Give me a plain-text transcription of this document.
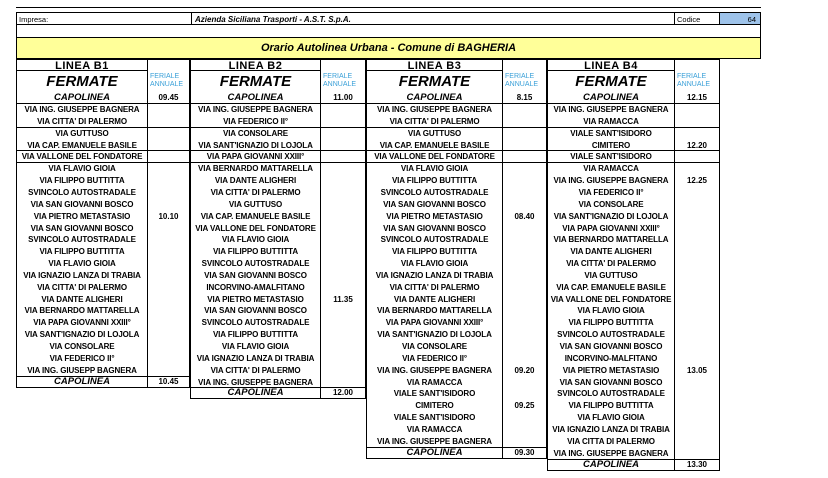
Impresa:	Azienda Siciliana Trasporti - A.S.T. S.p.A.	Codice	64
Orario Autolinea Urbana - Comune di BAGHERIA
LINEA B1
FERMATE	FERIALE
ANNUALE
CAPOLINEA	09.45
VIA ING. GIUSEPPE BAGNERA
VIA CITTA' DI PALERMO
VIA GUTTUSO
VIA CAP. EMANUELE BASILE
VIA VALLONE DEL FONDATORE
VIA FLAVIO GIOIA
VIA FILIPPO BUTTITTA
SVINCOLO AUTOSTRADALE
VIA SAN GIOVANNI BOSCO
VIA PIETRO METASTASIO	10.10
VIA SAN GIOVANNI BOSCO
SVINCOLO AUTOSTRADALE
VIA FILIPPO BUTTITTA
VIA FLAVIO GIOIA
VIA IGNAZIO LANZA DI TRABIA
VIA CITTA' DI PALERMO
VIA DANTE ALIGHERI
VIA BERNARDO MATTARELLA
VIA PAPA GIOVANNI XXIII°
VIA SANT'IGNAZIO DI LOJOLA
VIA CONSOLARE
VIA FEDERICO II°
VIA ING. GIUSEPP BAGNERA
CAPOLINEA	10.45
LINEA B2
FERMATE	FERIALE
ANNUALE
CAPOLINEA	11.00
VIA ING. GIUSEPPE BAGNERA
VIA FEDERICO II°
VIA CONSOLARE
VIA SANT'IGNAZIO DI LOJOLA
VIA PAPA GIOVANNI XXIII°
VIA BERNARDO MATTARELLA
VIA DANTE ALIGHERI
VIA CITTA' DI PALERMO
VIA GUTTUSO
VIA CAP. EMANUELE BASILE
VIA VALLONE DEL FONDATORE
VIA FLAVIO GIOIA
VIA FILIPPO BUTTITTA
SVINCOLO AUTOSTRADALE
VIA SAN GIOVANNI BOSCO
INCORVINO-AMALFITANO
VIA PIETRO METASTASIO	11.35
VIA SAN GIOVANNI BOSCO
SVINCOLO AUTOSTRADALE
VIA FILIPPO BUTTITTA
VIA FLAVIO GIOIA
VIA IGNAZIO LANZA DI TRABIA
VIA CITTA' DI PALERMO
VIA ING. GIUSEPPE BAGNERA
CAPOLINEA	12.00
LINEA B3
FERMATE	FERIALE
ANNUALE
CAPOLINEA	8.15
VIA ING. GIUSEPPE BAGNERA
VIA CITTA' DI PALERMO
VIA GUTTUSO
VIA CAP. EMANUELE BASILE
VIA VALLONE DEL FONDATORE
VIA FLAVIO GIOIA
VIA FILIPPO BUTTITTA
SVINCOLO AUTOSTRADALE
VIA SAN GIOVANNI BOSCO
VIA PIETRO METASTASIO	08.40
VIA SAN GIOVANNI BOSCO
SVINCOLO AUTOSTRADALE
VIA FILIPPO BUTTITTA
VIA FLAVIO GIOIA
VIA IGNAZIO LANZA DI TRABIA
VIA CITTA' DI PALERMO
VIA DANTE ALIGHERI
VIA BERNARDO MATTARELLA
VIA PAPA GIOVANNI XXIII°
VIA SANT'IGNAZIO DI LOJOLA
VIA CONSOLARE
VIA FEDERICO II°
VIA ING. GIUSEPPE BAGNERA	09.20
VIA RAMACCA
VIALE SANT'ISIDORO
CIMITERO	09.25
VIALE SANT'ISIDORO
VIA RAMACCA
VIA ING. GIUSEPPE BAGNERA
CAPOLINEA	09.30
LINEA B4
FERMATE	FERIALE
ANNUALE
CAPOLINEA	12.15
VIA ING. GIUSEPPE BAGNERA
VIA RAMACCA
VIALE SANT'ISIDORO
CIMITERO	12.20
VIALE SANT'ISIDORO
VIA RAMACCA
VIA ING. GIUSEPPE BAGNERA	12.25
VIA FEDERICO II°
VIA CONSOLARE
VIA SANT'IGNAZIO DI LOJOLA
VIA PAPA GIOVANNI XXIII°
VIA BERNARDO MATTARELLA
VIA DANTE ALIGHERI
VIA CITTA' DI PALERMO
VIA GUTTUSO
VIA CAP. EMANUELE BASILE
VIA VALLONE DEL FONDATORE
VIA FLAVIO GIOIA
VIA FILIPPO BUTTITTA
SVINCOLO AUTOSTRADALE
VIA SAN GIOVANNI BOSCO
INCORVINO-MALFITANO
VIA PIETRO METASTASIO	13.05
VIA SAN GIOVANNI BOSCO
SVINCOLO AUTOSTRADALE
VIA FILIPPO BUTTITTA
VIA FLAVIO GIOIA
VIA IGNAZIO LANZA DI TRABIA
VIA CITTA DI PALERMO
VIA ING. GIUSEPPE BAGNERA
CAPOLINEA	13.30
